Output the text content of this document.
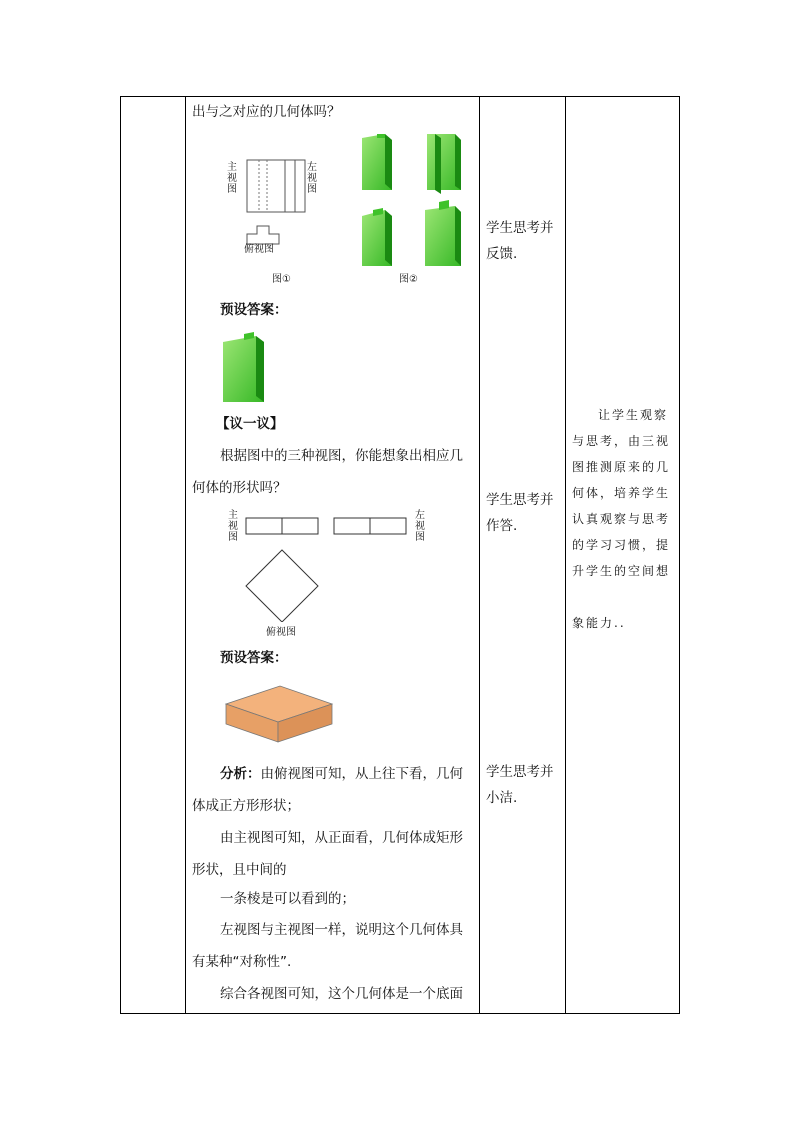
出与之对应的几何体吗？
主视图
左视图
俯视图
图①	图②
预设答案：
【议一议】
根据图中的三种视图，你能想象出相应几
何体的形状吗？
主视图
左视图
俯视图
预设答案：
分析：由俯视图可知，从上往下看，几何
体成正方形形状；
由主视图可知，从正面看，几何体成矩形
形状，且中间的
一条棱是可以看到的；
左视图与主视图一样，说明这个几何体具
有某种“对称性”.
综合各视图可知，这个几何体是一个底面
学生思考并
反馈.
学生思考并
作答.
学生思考并
小洁.
让学生观察
与思考，由三视
图推测原来的几
何体，培养学生
认真观察与思考
的学习习惯，提
升学生的空间想
象能力..
